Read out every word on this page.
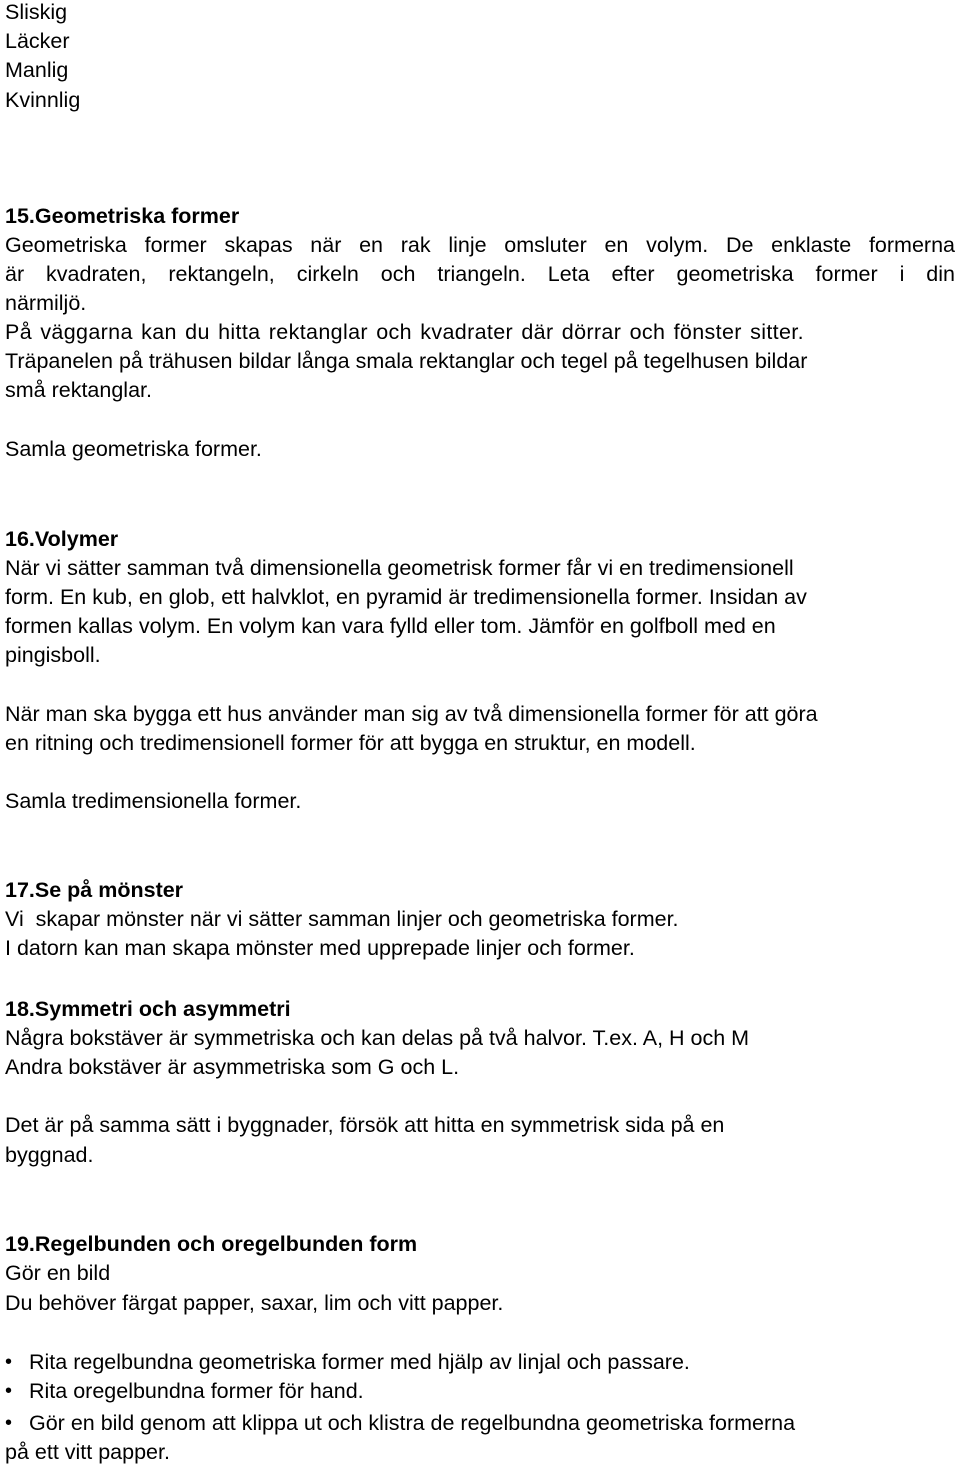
Sliskig
Läcker
Manlig
Kvinnlig
15.Geometriska former
Geometriska former skapas när en rak linje omsluter en volym. De enklaste formerna
är kvadraten, rektangeln, cirkeln och triangeln. Leta efter geometriska former i din
närmiljö.
På väggarna kan du hitta rektanglar och kvadrater där dörrar och fönster sitter.
Träpanelen på trähusen bildar långa smala rektanglar och tegel på tegelhusen bildar
små rektanglar.
Samla geometriska former.
16.Volymer
När vi sätter samman två dimensionella geometrisk former får vi en tredimensionell
form. En kub, en glob, ett halvklot, en pyramid är tredimensionella former. Insidan av
formen kallas volym. En volym kan vara fylld eller tom. Jämför en golfboll med en
pingisboll.
När man ska bygga ett hus använder man sig av två dimensionella former för att göra
en ritning och tredimensionell former för att bygga en struktur, en modell.
Samla tredimensionella former.
17.Se på mönster
Vi  skapar mönster när vi sätter samman linjer och geometriska former.
I datorn kan man skapa mönster med upprepade linjer och former.
18.Symmetri och asymmetri
Några bokstäver är symmetriska och kan delas på två halvor. T.ex. A, H och M
Andra bokstäver är asymmetriska som G och L.
Det är på samma sätt i byggnader, försök att hitta en symmetrisk sida på en
byggnad.
19.Regelbunden och oregelbunden form
Gör en bild
Du behöver färgat papper, saxar, lim och vitt papper.
• Rita regelbundna geometriska former med hjälp av linjal och passare.
• Rita oregelbundna former för hand.
• Gör en bild genom att klippa ut och klistra de regelbundna geometriska formerna
på ett vitt papper.
